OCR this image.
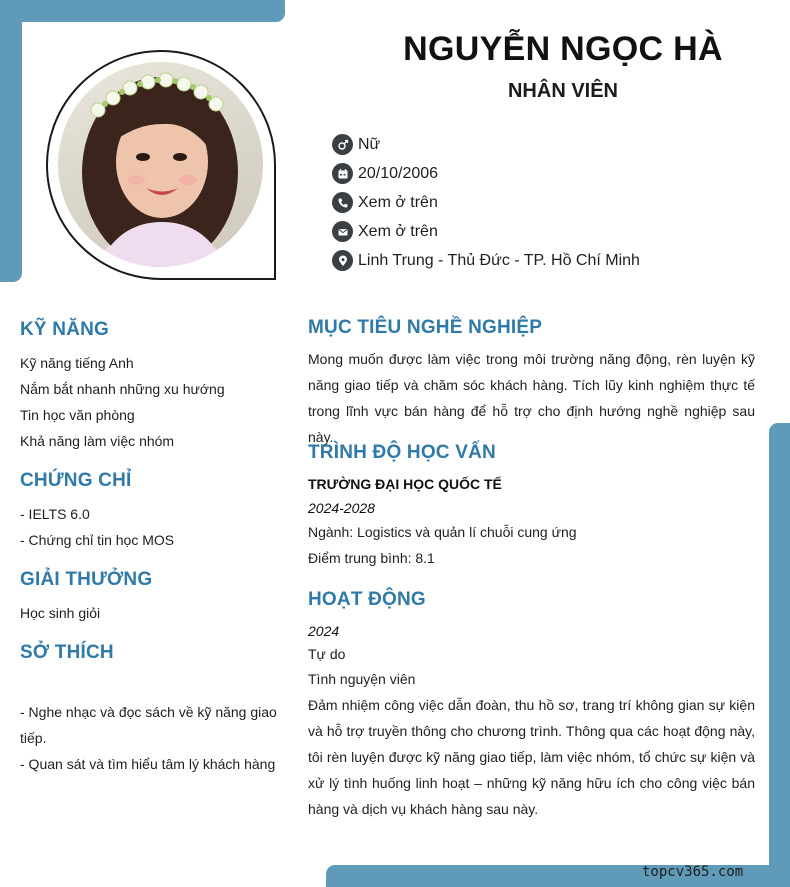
NGUYỄN NGỌC HÀ
NHÂN VIÊN
Nữ
20/10/2006
Xem ở trên
Xem ở trên
Linh Trung - Thủ Đức - TP. Hồ Chí Minh
KỸ NĂNG
Kỹ năng tiếng Anh
Nắm bắt nhanh những xu hướng
Tin học văn phòng
Khả năng làm việc nhóm
CHỨNG CHỈ
- IELTS 6.0
- Chứng chỉ tin học MOS
GIẢI THƯỞNG
Học sinh giỏi
SỞ THÍCH
- Nghe nhạc và đọc sách về kỹ năng giao
tiếp.
- Quan sát và tìm hiểu tâm lý khách hàng
MỤC TIÊU NGHỀ NGHIỆP
Mong muốn được làm việc trong môi trường năng động, rèn luyện kỹ năng giao tiếp và chăm sóc khách hàng. Tích lũy kinh nghiệm thực tế trong lĩnh vực bán hàng để hỗ trợ cho định hướng nghề nghiệp sau này.
TRÌNH ĐỘ HỌC VẤN
TRƯỜNG ĐẠI HỌC QUỐC TẾ
2024-2028
Ngành: Logistics và quản lí chuỗi cung ứng
Điểm trung bình: 8.1
HOẠT ĐỘNG
2024
Tự do
Tình nguyện viên
Đảm nhiệm công việc dẫn đoàn, thu hồ sơ, trang trí không gian sự kiện và hỗ trợ truyền thông cho chương trình. Thông qua các hoạt động này, tôi rèn luyện được kỹ năng giao tiếp, làm việc nhóm, tổ chức sự kiện và xử lý tình huống linh hoạt – những kỹ năng hữu ích cho công việc bán hàng và dịch vụ khách hàng sau này.
topcv365.com
